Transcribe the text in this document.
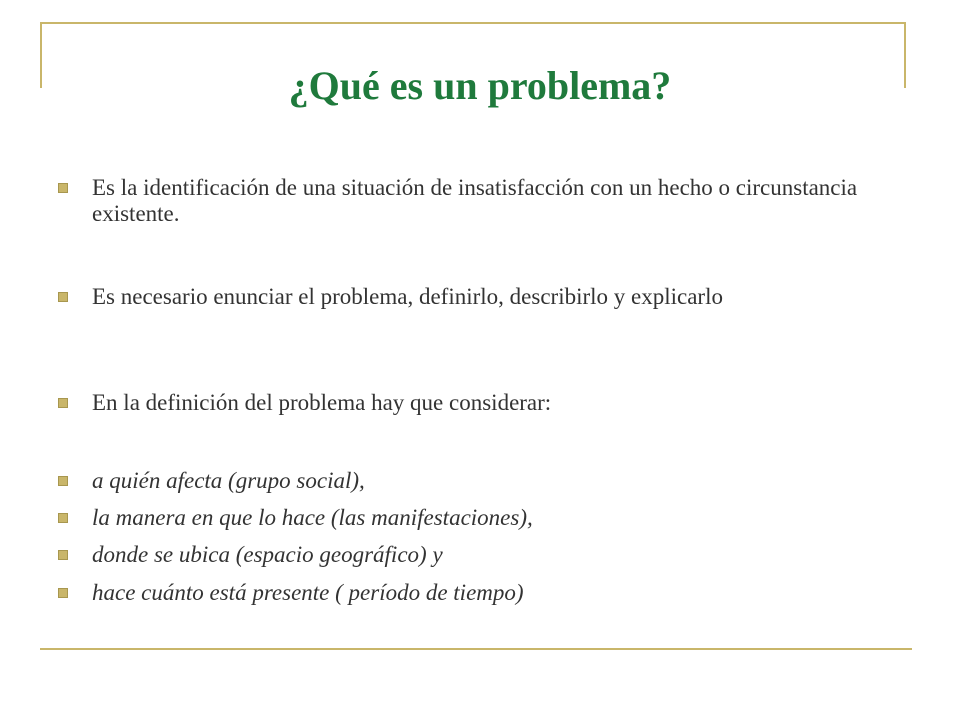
¿Qué es un problema?
Es la identificación de una situación de insatisfacción con un hecho o circunstancia existente.
Es necesario enunciar el problema, definirlo, describirlo y explicarlo
En la definición del problema hay que considerar:
a quién afecta (grupo social),
la manera en que lo hace (las manifestaciones),
donde se ubica (espacio geográfico) y
hace cuánto está presente ( período de tiempo)
